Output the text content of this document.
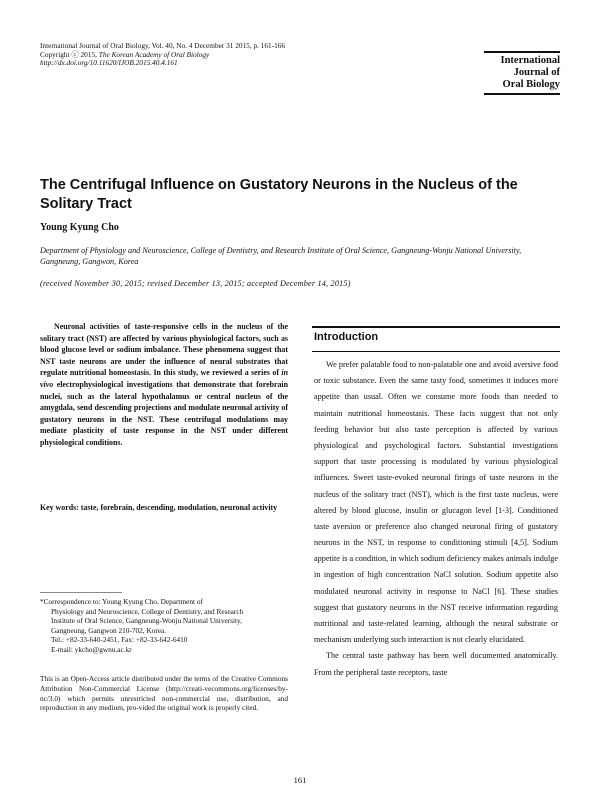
International Journal of Oral Biology, Vol. 40, No. 4 December 31 2015, p. 161-166
Copyright ⓒ 2015, The Korean Academy of Oral Biology
http://dx.doi.org/10.11620/IJOB.2015.40.4.161	International
Journal of
Oral Biology
The Centrifugal Influence on Gustatory Neurons in the Nucleus of the Solitary Tract
Young Kyung Cho
Department of Physiology and Neuroscience, College of Dentistry, and Research Institute of Oral Science, Gangneung-Wonju National University, Gangneung, Gangwon, Korea
(received November 30, 2015; revised December 13, 2015; accepted December 14, 2015)

Neuronal activities of taste-responsive cells in the nucleus of the solitary tract (NST) are affected by various physiological factors, such as blood glucose level or sodium imbalance. These phenomena suggest that NST taste neurons are under the influence of neural substrates that regulate nutritional homeostasis. In this study, we reviewed a series of in vivo electrophysiological investigations that demonstrate that forebrain nuclei, such as the lateral hypothalamus or central nucleus of the amygdala, send descending projections and modulate neuronal activity of gustatory neurons in the NST. These centrifugal modulations may mediate plasticity of taste response in the NST under different physiological conditions.

Key words: taste, forebrain, descending, modulation, neuronal activity
*Correspondence to: Young Kyung Cho, Department of
Physiology and Neuroscience, College of Dentistry, and Research
Institute of Oral Science, Gangneung-Wonju National University,
Gangneung, Gangwon 210-702, Korea.
Tel.: +82-33-640-2451, Fax: +82-33-642-6410
E-mail: ykcho@gwnu.ac.kr
This is an Open-Access article distributed under the terms of the Creative Commons Attribution Non-Commercial License (http://creati-vecommons.org/licenses/by-nc/3.0) which permits unrestricted non-commercial use, distribution, and reproduction in any medium, pro-vided the original work is properly cited.
Introduction

We prefer palatable food to non-palatable one and avoid aversive food or toxic substance. Even the same tasty food, sometimes it induces more appetite than usual. Often we consume more foods than needed to maintain nutritional homeostasis. These facts suggest that not only feeding behavior but also taste perception is affected by various physiological and psychological factors. Substantial investigations support that taste processing is modulated by various physiological influences. Sweet taste-evoked neuronal firings of taste neurons in the nucleus of the solitary tract (NST), which is the first taste nucleus, were altered by blood glucose, insulin or glucagon level [1-3]. Conditioned taste aversion or preference also changed neuronal firing of gustatory neurons in the NST, in response to conditioning stimuli [4,5]. Sodium appetite is a condition, in which sodium deficiency makes animals indulge in ingestion of high concentration NaCl solution. Sodium appetite also modulated neuronal activity in response to NaCl [6]. These studies suggest that gustatory neurons in the NST receive information regarding nutritional and taste-related learning, although the neural substrate or mechanism underlying such interaction is not clearly elucidated.

The central taste pathway has been well documented anatomically. From the peripheral taste receptors, taste

161
